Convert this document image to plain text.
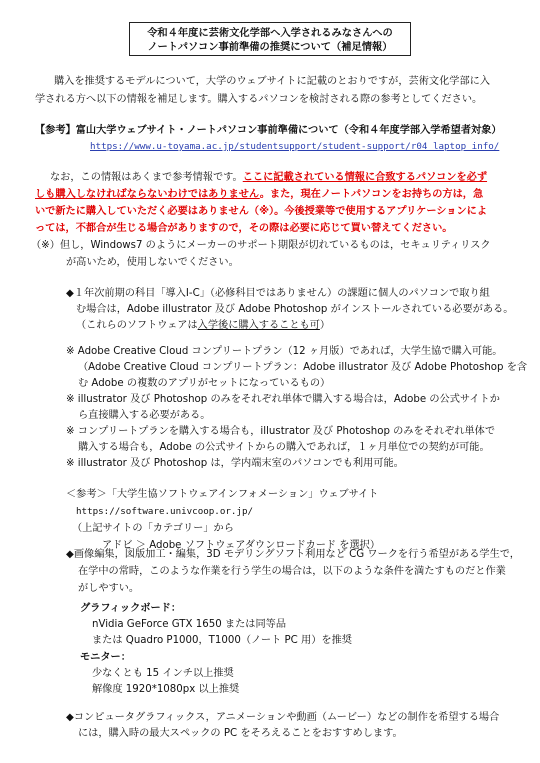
令和４年度に芸術文化学部へ入学されるみなさんへの
ノートパソコン事前準備の推奨について（補足情報）
購入を推奨するモデルについて，大学のウェブサイトに記載のとおりですが，芸術文化学部に入
学される方へ以下の情報を補足します。購入するパソコンを検討される際の参考としてください。
【参考】富山大学ウェブサイト・ノートパソコン事前準備について（令和４年度学部入学希望者対象）
https://www.u-toyama.ac.jp/studentsupport/student-support/r04_laptop_info/
なお，この情報はあくまで参考情報です。ここに記載されている情報に合致するパソコンを必ず
しも購入しなければならないわけではありません。また，現在ノートパソコンをお持ちの方は，急
いで新たに購入していただく必要はありません（※）。今後授業等で使用するアプリケーションによ
っては，不都合が生じる場合がありますので，その際は必要に応じて買い替えてください。
（※）但し，Windows7 のようにメーカーのサポート期限が切れているものは，セキュリティリスク
が高いため，使用しないでください。
◆１年次前期の科目「導入Ⅰ-C」（必修科目ではありません）の課題に個人のパソコンで取り組
む場合は，Adobe illustrator 及び Adobe Photoshop がインストールされている必要がある。
（これらのソフトウェアは入学後に購入することも可）
※ Adobe Creative Cloud コンプリートプラン（12 ヶ月版）であれば，大学生協で購入可能。
（Adobe Creative Cloud コンプリートプラン：Adobe illustrator 及び Adobe Photoshop を含
む Adobe の複数のアプリがセットになっているもの）
※ illustrator 及び Photoshop のみをそれぞれ単体で購入する場合は，Adobe の公式サイトか
ら直接購入する必要がある。
※ コンプリートプランを購入する場合も，illustrator 及び Photoshop のみをそれぞれ単体で
購入する場合も，Adobe の公式サイトからの購入であれば，１ヶ月単位での契約が可能。
※ illustrator 及び Photoshop は，学内端末室のパソコンでも利用可能。
＜参考＞「大学生協ソフトウェアインフォメーション」ウェブサイト
https://software.univcoop.or.jp/
（上記サイトの「カテゴリー」から
アドビ ＞ Adobe ソフトウェアダウンロードカード を選択）
◆画像編集，図版加工・編集，3D モデリングソフト利用など CG ワークを行う希望がある学生で，
在学中の常時，このような作業を行う学生の場合は，以下のような条件を満たすものだと作業
がしやすい。
グラフィックボード：
nVidia GeForce GTX 1650 または同等品
または Quadro P1000，T1000（ノート PC 用）を推奨
モニター：
少なくとも 15 インチ以上推奨
解像度 1920*1080px 以上推奨
◆コンピュータグラフィックス，アニメーションや動画（ムービー）などの制作を希望する場合
には，購入時の最大スペックの PC をそろえることをおすすめします。
